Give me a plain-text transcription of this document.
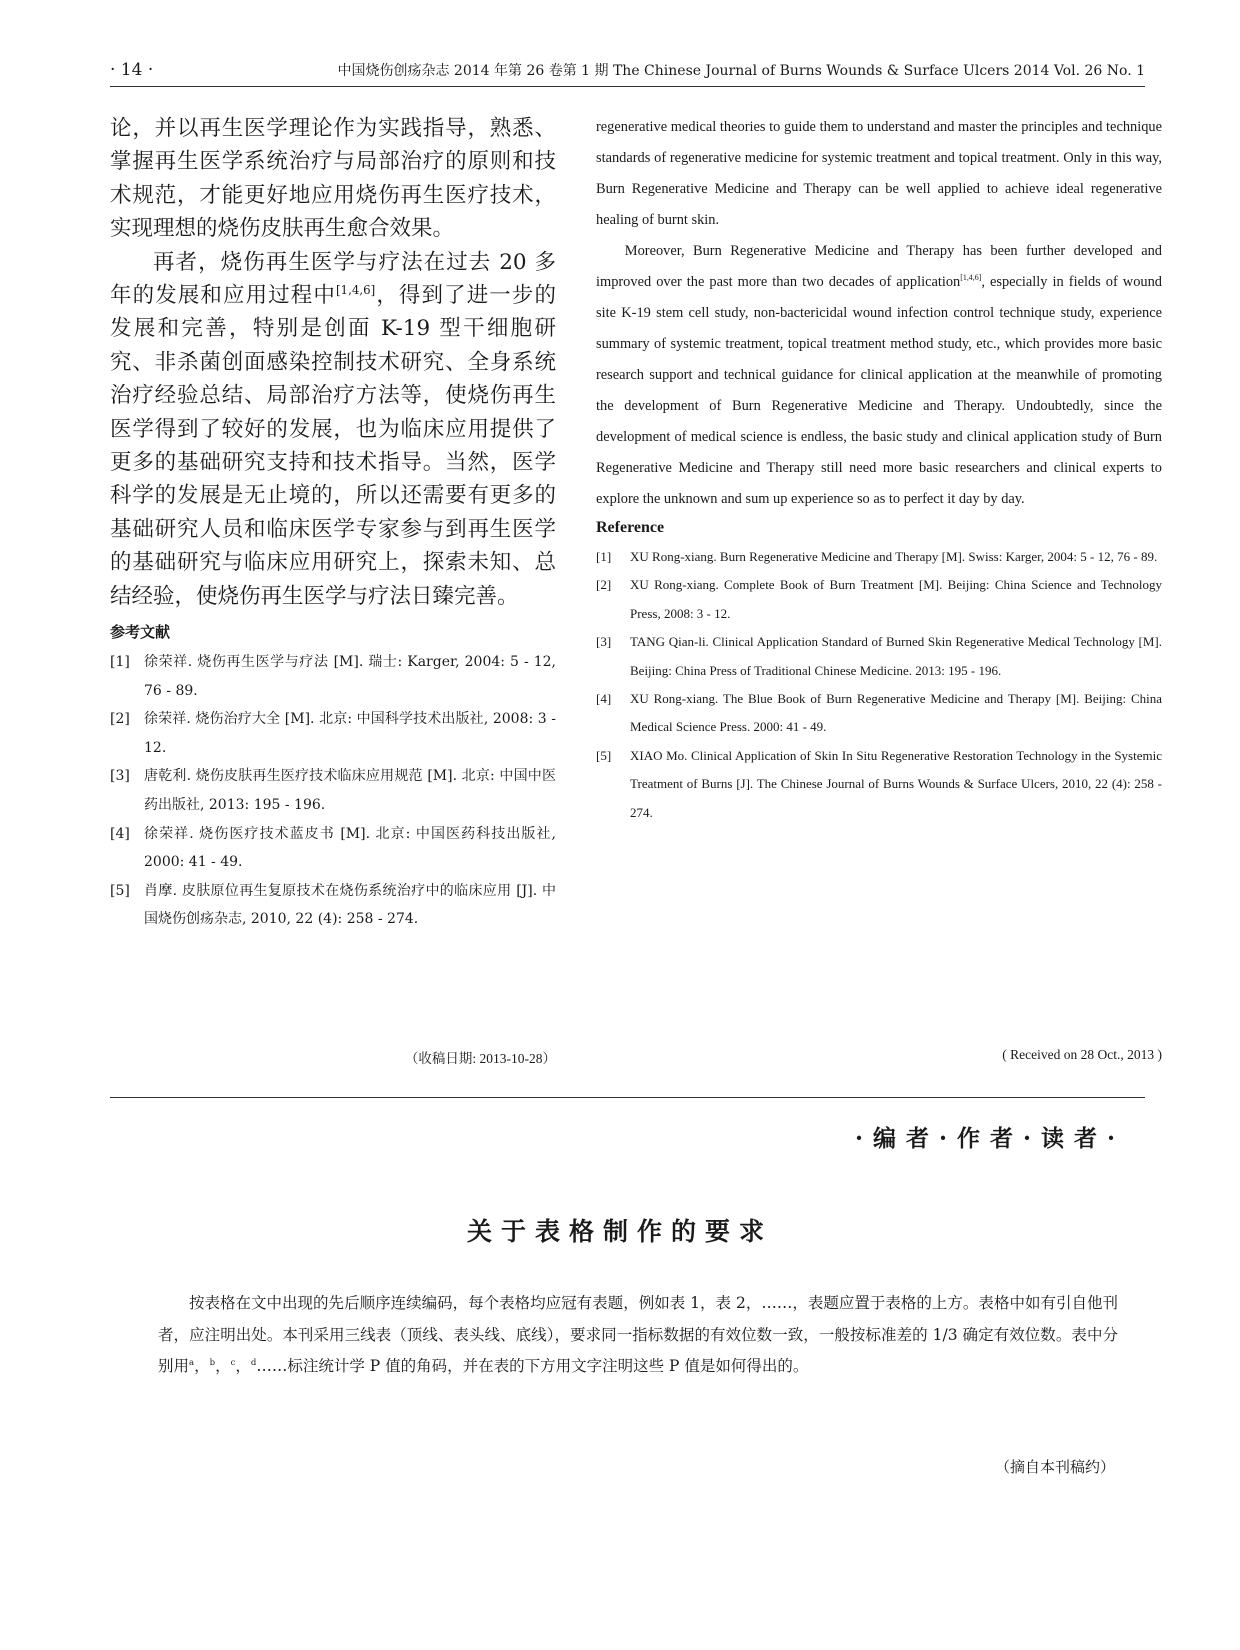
· 14 ·	中国烧伤创疡杂志 2014 年第 26 卷第 1 期 The Chinese Journal of Burns Wounds & Surface Ulcers 2014 Vol. 26 No. 1

论，并以再生医学理论作为实践指导，熟悉、掌握再生医学系统治疗与局部治疗的原则和技术规范，才能更好地应用烧伤再生医疗技术，实现理想的烧伤皮肤再生愈合效果。

再者，烧伤再生医学与疗法在过去 20 多年的发展和应用过程中[1,4,6]，得到了进一步的发展和完善，特别是创面 K-19 型干细胞研究、非杀菌创面感染控制技术研究、全身系统治疗经验总结、局部治疗方法等，使烧伤再生医学得到了较好的发展，也为临床应用提供了更多的基础研究支持和技术指导。当然，医学科学的发展是无止境的，所以还需要有更多的基础研究人员和临床医学专家参与到再生医学的基础研究与临床应用研究上，探索未知、总结经验，使烧伤再生医学与疗法日臻完善。

参考文献
[1]	徐荣祥. 烧伤再生医学与疗法 [M]. 瑞士: Karger, 2004: 5 - 12, 76 - 89.
[2]	徐荣祥. 烧伤治疗大全 [M]. 北京: 中国科学技术出版社, 2008: 3 - 12.
[3]	唐乾利. 烧伤皮肤再生医疗技术临床应用规范 [M]. 北京: 中国中医药出版社, 2013: 195 - 196.
[4]	徐荣祥. 烧伤医疗技术蓝皮书 [M]. 北京: 中国医药科技出版社, 2000: 41 - 49.
[5]	肖摩. 皮肤原位再生复原技术在烧伤系统治疗中的临床应用 [J]. 中国烧伤创疡杂志, 2010, 22 (4): 258 - 274.

regenerative medical theories to guide them to understand and master the principles and technique standards of regenerative medicine for systemic treatment and topical treatment. Only in this way, Burn Regenerative Medicine and Therapy can be well applied to achieve ideal regenerative healing of burnt skin.

Moreover, Burn Regenerative Medicine and Therapy has been further developed and improved over the past more than two decades of application[1,4,6], especially in fields of wound site K-19 stem cell study, non-bactericidal wound infection control technique study, experience summary of systemic treatment, topical treatment method study, etc., which provides more basic research support and technical guidance for clinical application at the meanwhile of promoting the development of Burn Regenerative Medicine and Therapy. Undoubtedly, since the development of medical science is endless, the basic study and clinical application study of Burn Regenerative Medicine and Therapy still need more basic researchers and clinical experts to explore the unknown and sum up experience so as to perfect it day by day.

Reference
[1]	XU Rong-xiang. Burn Regenerative Medicine and Therapy [M]. Swiss: Karger, 2004: 5 - 12, 76 - 89.
[2]	XU Rong-xiang. Complete Book of Burn Treatment [M]. Beijing: China Science and Technology Press, 2008: 3 - 12.
[3]	TANG Qian-li. Clinical Application Standard of Burned Skin Regenerative Medical Technology [M]. Beijing: China Press of Traditional Chinese Medicine. 2013: 195 - 196.
[4]	XU Rong-xiang. The Blue Book of Burn Regenerative Medicine and Therapy [M]. Beijing: China Medical Science Press. 2000: 41 - 49.
[5]	XIAO Mo. Clinical Application of Skin In Situ Regenerative Restoration Technology in the Systemic Treatment of Burns [J]. The Chinese Journal of Burns Wounds & Surface Ulcers, 2010, 22 (4): 258 - 274.
（收稿日期: 2013-10-28）	( Received on 28 Oct., 2013 )
·编者·作者·读者·
关于表格制作的要求

按表格在文中出现的先后顺序连续编码，每个表格均应冠有表题，例如表 1，表 2，……，表题应置于表格的上方。表格中如有引自他刊者，应注明出处。本刊采用三线表（顶线、表头线、底线），要求同一指标数据的有效位数一致，一般按标准差的 1/3 确定有效位数。表中分别用$^a$，$^b$，$^c$，$^d$……标注统计学 P 值的角码，并在表的下方用文字注明这些 P 值是如何得出的。

（摘自本刊稿约）
